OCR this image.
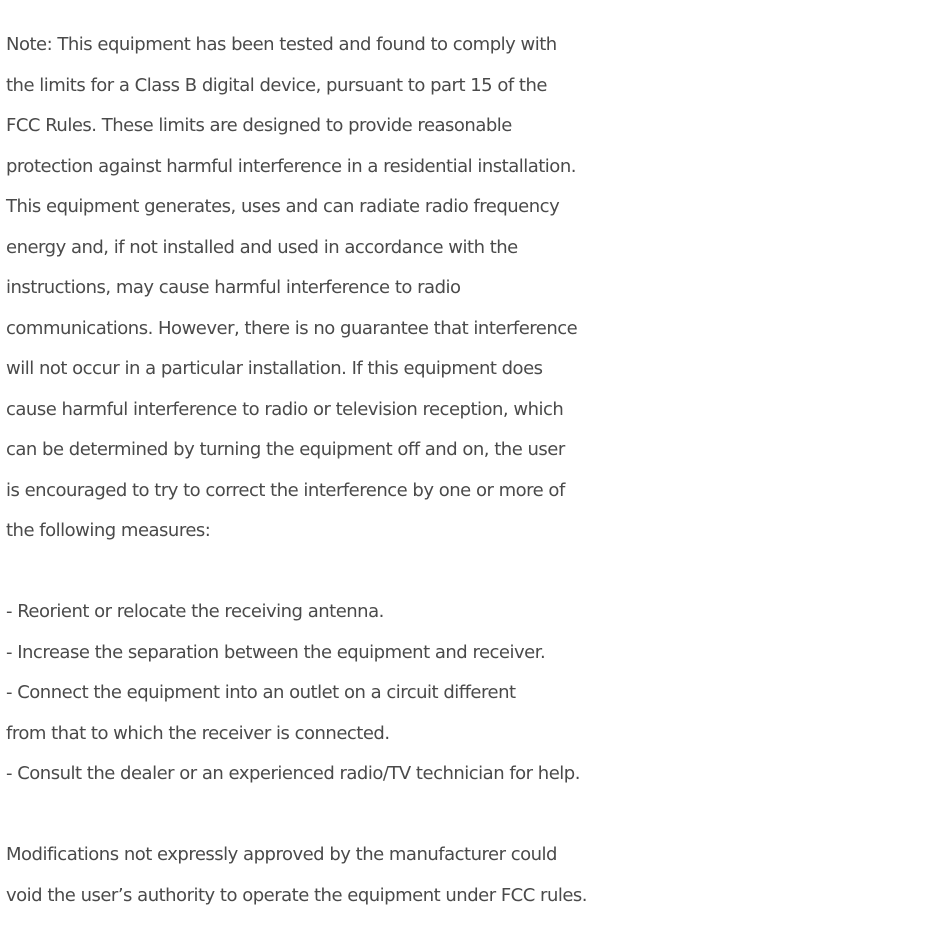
Note: This equipment has been tested and found to comply with
the limits for a Class B digital device, pursuant to part 15 of the
FCC Rules. These limits are designed to provide reasonable
protection against harmful interference in a residential installation.
This equipment generates, uses and can radiate radio frequency
energy and, if not installed and used in accordance with the
instructions, may cause harmful interference to radio
communications. However, there is no guarantee that interference
will not occur in a particular installation. If this equipment does
cause harmful interference to radio or television reception, which
can be determined by turning the equipment off and on, the user
is encouraged to try to correct the interference by one or more of
the following measures:
- Reorient or relocate the receiving antenna.
- Increase the separation between the equipment and receiver.
- Connect the equipment into an outlet on a circuit different
from that to which the receiver is connected.
- Consult the dealer or an experienced radio/TV technician for help.
Modifications not expressly approved by the manufacturer could
void the user’s authority to operate the equipment under FCC rules.
